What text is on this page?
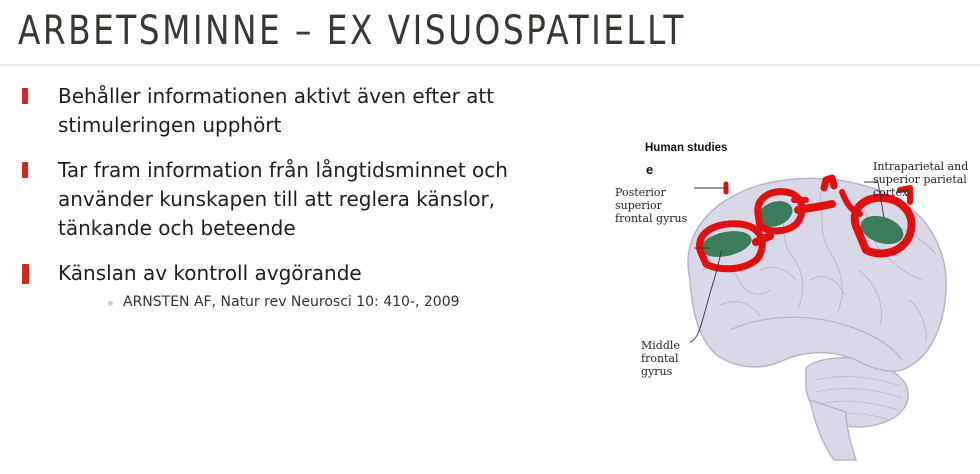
ARBETSMINNE – EX VISUOSPATIELLT
Behåller informationen aktivt även efter att stimuleringen upphört
Tar fram information från långtidsminnet och använder kunskapen till att reglera känslor, tänkande och beteende
Känslan av kontroll avgörande
ARNSTEN AF, Natur rev Neurosci 10: 410-, 2009
Human studies
e
Posterior superior frontal gyrus
Intraparietal and superior parietal cortex
Middle frontal gyrus
